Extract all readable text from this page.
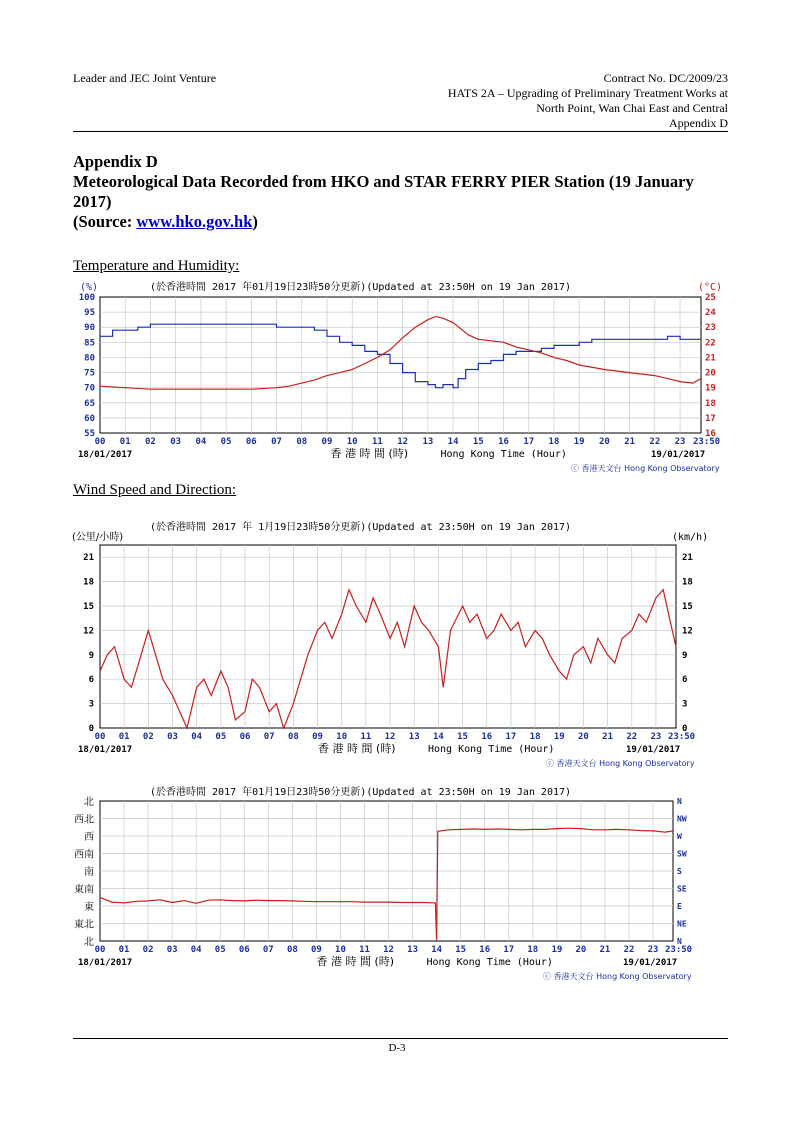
Leader and JEC Joint Venture	Contract No. DC/2009/23
HATS 2A – Upgrading of Preliminary Treatment Works at
North Point, Wan Chai East and Central
Appendix D
Appendix D
Meteorological Data Recorded from HKO and STAR FERRY PIER Station (19 January 2017)
(Source: www.hko.gov.hk)
Temperature and Humidity:
Wind Speed and Direction:
(於香港時間 2017 年01月19日23時50分更新)(Updated at 23:50H on 19 Jan 2017)
(%)	(°C)
00 01 02 03 04 05 06 07 08 09 10 11 12 13 14 15 16 17 18 19 20 21 22 23 23:50
18/01/2017	19/01/2017
香 港 時 間 (時)	Hong Kong Time (Hour)
ⓒ 香港天文台 Hong Kong Observatory
100	25
95	24
90	23
85	22
80	21
75	20
70	19
65	18
60	17
55	16
(於香港時間 2017 年 1月19日23時50分更新)(Updated at 23:50H on 19 Jan 2017)
(公里/小時)	(km/h)
00 01 02 03 04 05 06 07 08 09 10 11 12 13 14 15 16 17 18 19 20 21 22 23 23:50
18/01/2017	19/01/2017
香 港 時 間 (時)	Hong Kong Time (Hour)
ⓒ 香港天文台 Hong Kong Observatory
21	21
18	18
15	15
12	12
9	9
6	6
3	3
0	0
(於香港時間 2017 年01月19日23時50分更新)(Updated at 23:50H on 19 Jan 2017)
00 01 02 03 04 05 06 07 08 09 10 11 12 13 14 15 16 17 18 19 20 21 22 23 23:50
18/01/2017	19/01/2017
香 港 時 間 (時)	Hong Kong Time (Hour)
ⓒ 香港天文台 Hong Kong Observatory
北	N
西北	NW
西	W
西南	SW
南	S
東南	SE
東	E
東北	NE
北	N
D-3
